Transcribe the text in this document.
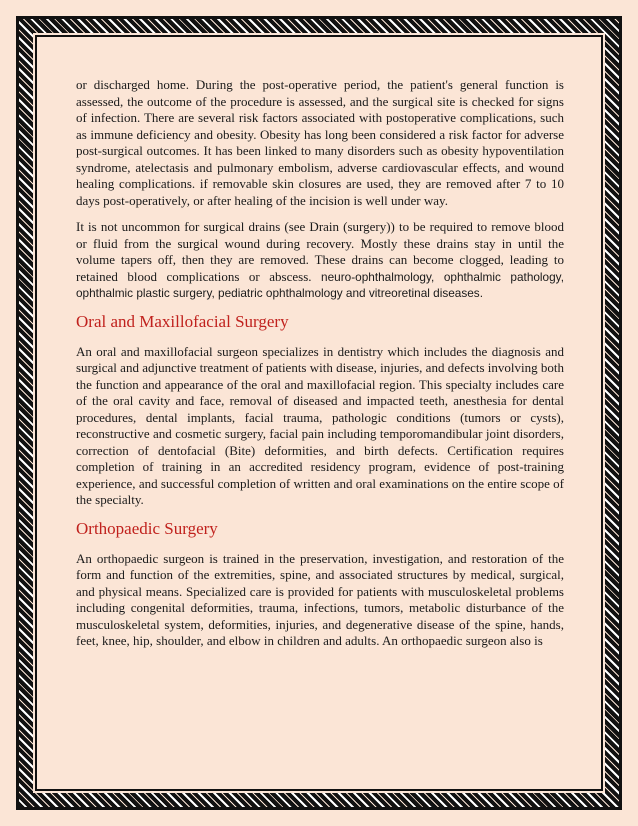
or discharged home. During the post-operative period, the patient's general function is assessed, the outcome of the procedure is assessed, and the surgical site is checked for signs of infection. There are several risk factors associated with postoperative complications, such as immune deficiency and obesity. Obesity has long been considered a risk factor for adverse post-surgical outcomes. It has been linked to many disorders such as obesity hypoventilation syndrome, atelectasis and pulmonary embolism, adverse cardiovascular effects, and wound healing complications. if removable skin closures are used, they are removed after 7 to 10 days post-operatively, or after healing of the incision is well under way.

It is not uncommon for surgical drains (see Drain (surgery)) to be required to remove blood or fluid from the surgical wound during recovery. Mostly these drains stay in until the volume tapers off, then they are removed. These drains can become clogged, leading to retained blood complications or abscess. neuro-ophthalmology, ophthalmic pathology, ophthalmic plastic surgery, pediatric ophthalmology and vitreoretinal diseases.

Oral and Maxillofacial Surgery

An oral and maxillofacial surgeon specializes in dentistry which includes the diagnosis and surgical and adjunctive treatment of patients with disease, injuries, and defects involving both the function and appearance of the oral and maxillofacial region. This specialty includes care of the oral cavity and face, removal of diseased and impacted teeth, anesthesia for dental procedures, dental implants, facial trauma, pathologic conditions (tumors or cysts), reconstructive and cosmetic surgery, facial pain including temporomandibular joint disorders, correction of dentofacial (Bite) deformities, and birth defects. Certification requires completion of training in an accredited residency program, evidence of post-training experience, and successful completion of written and oral examinations on the entire scope of the specialty.

Orthopaedic Surgery

An orthopaedic surgeon is trained in the preservation, investigation, and restoration of the form and function of the extremities, spine, and associated structures by medical, surgical, and physical means. Specialized care is provided for patients with musculoskeletal problems including congenital deformities, trauma, infections, tumors, metabolic disturbance of the musculoskeletal system, deformities, injuries, and degenerative disease of the spine, hands, feet, knee, hip, shoulder, and elbow in children and adults. An orthopaedic surgeon also is
